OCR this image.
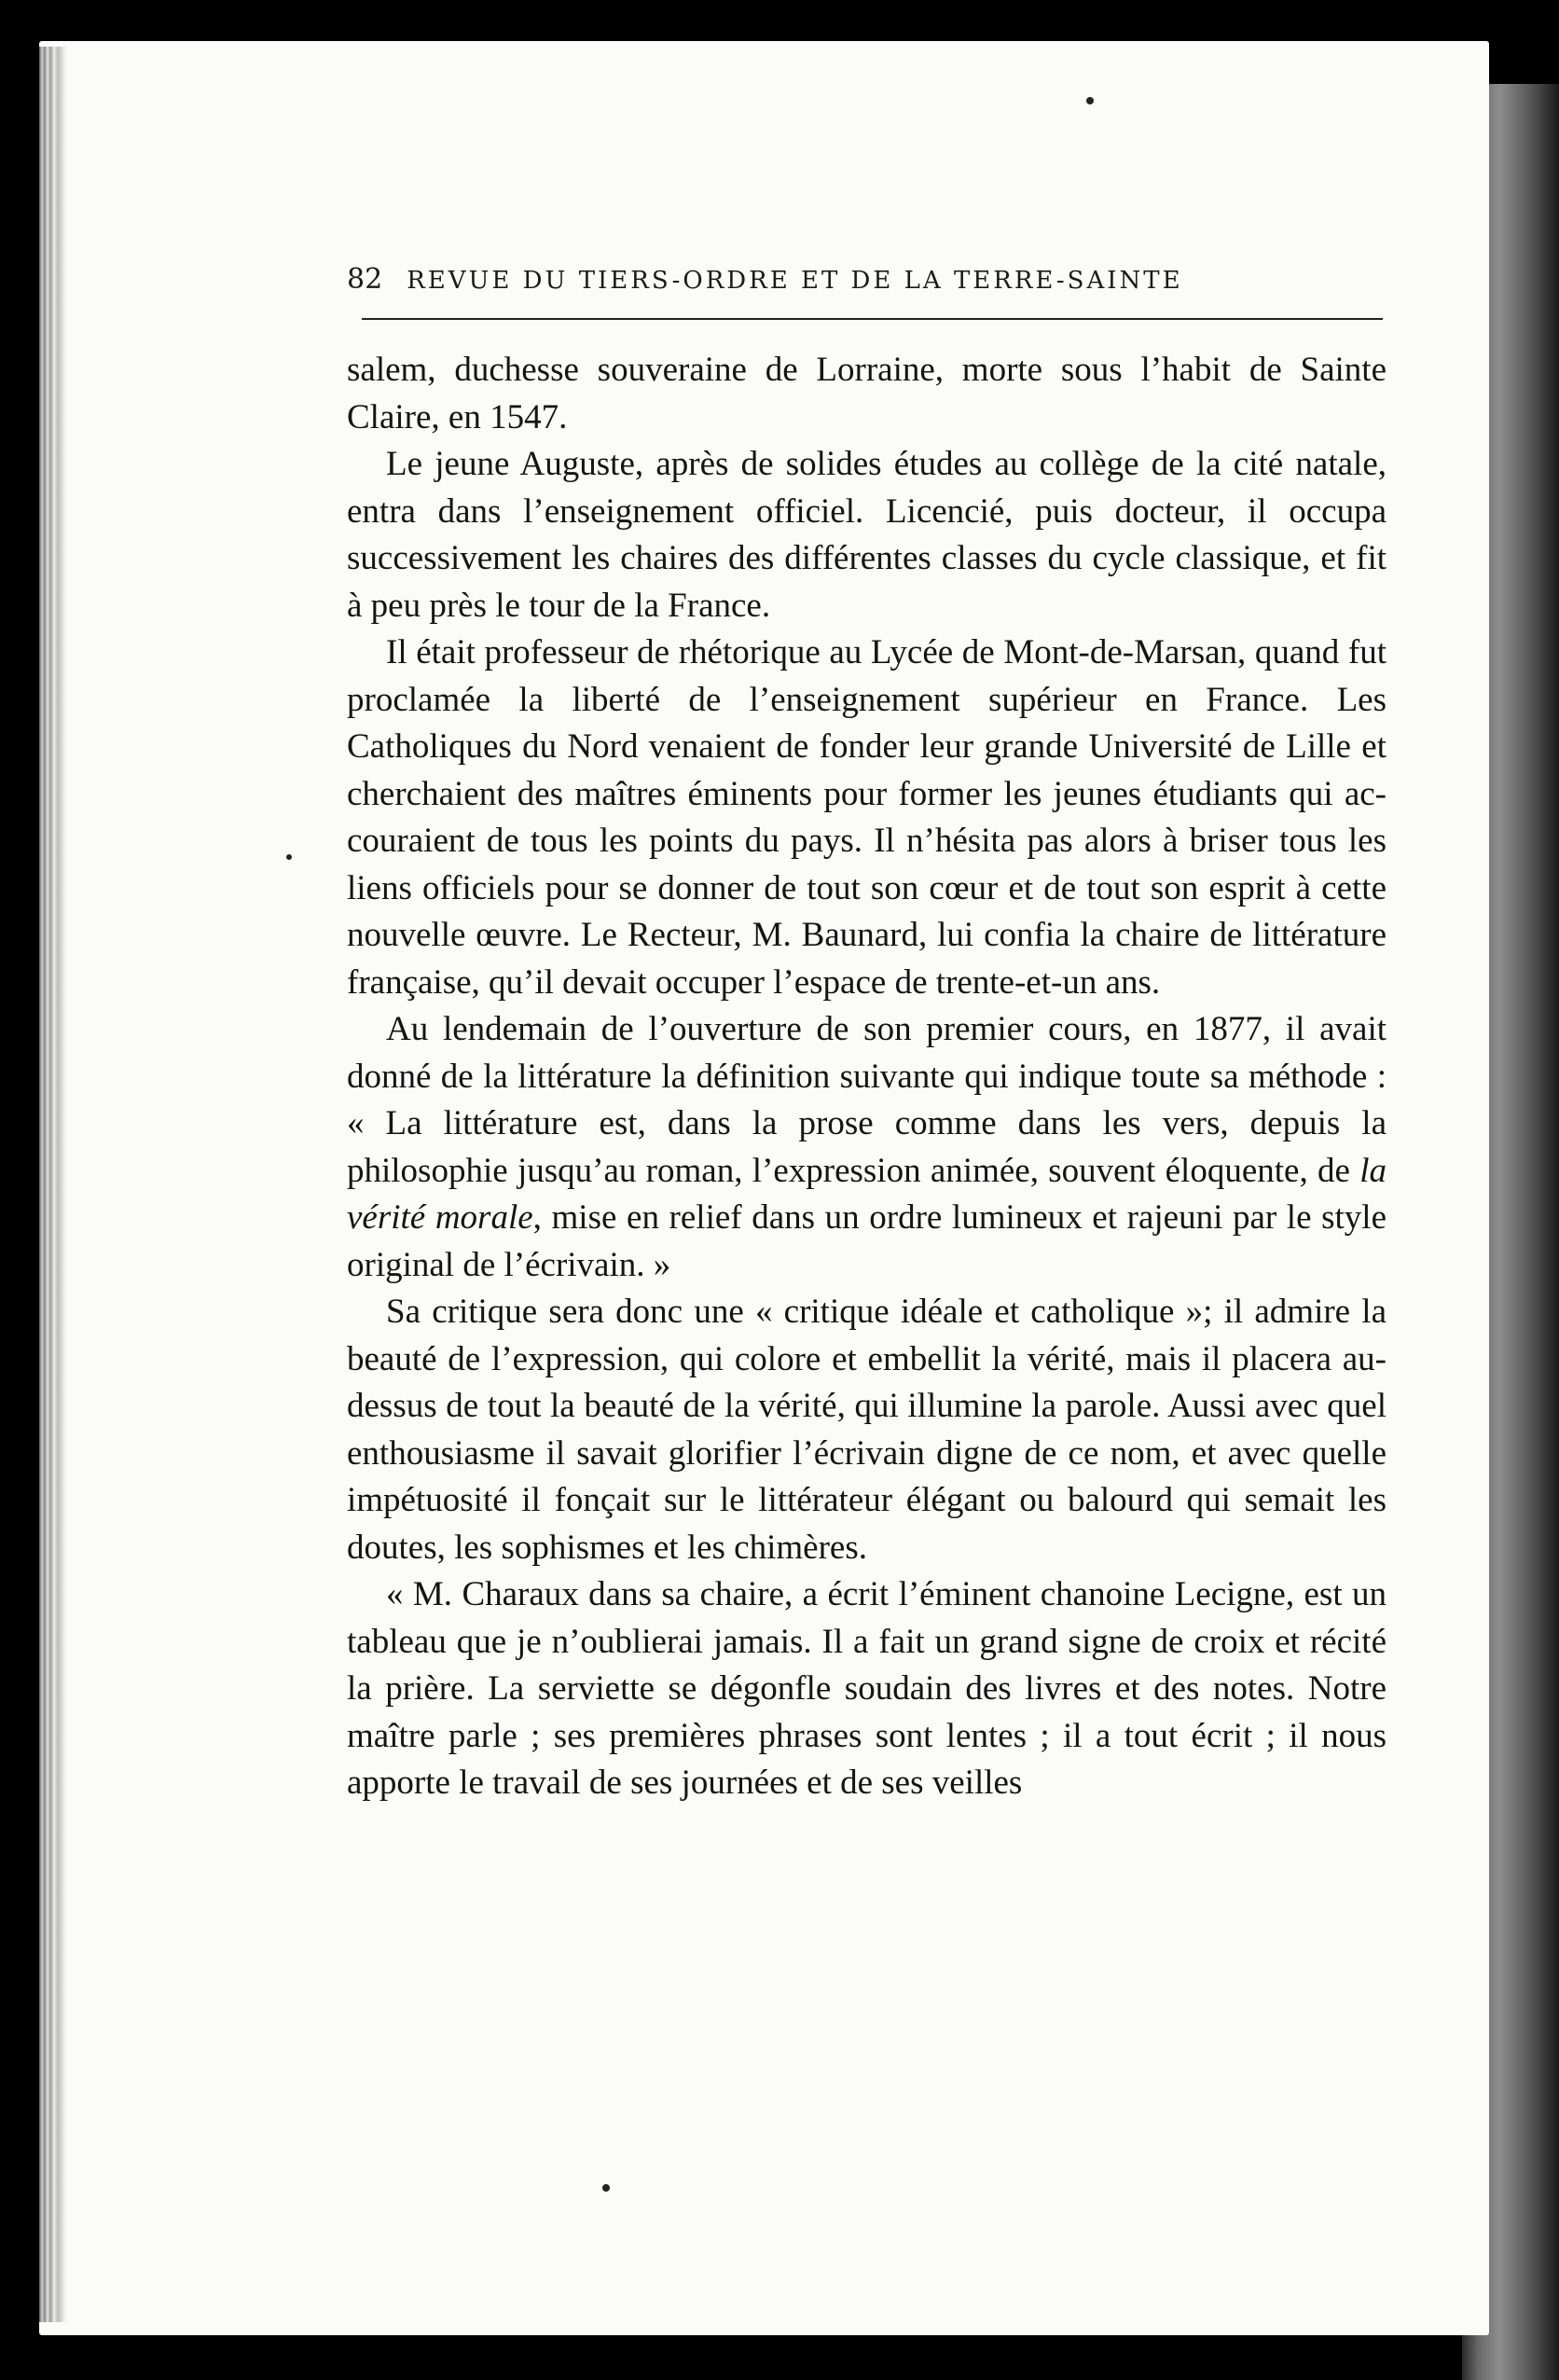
82 REVUE DU TIERS-ORDRE ET DE LA TERRE-SAINTE

salem, duchesse souveraine de Lorraine, morte sous l’habit de Sainte Claire, en 1547.

Le jeune Auguste, après de solides études au collège de la cité natale, entra dans l’enseignement officiel. Licencié, puis docteur, il occupa successivement les chaires des différentes classes du cycle classique, et fit à peu près le tour de la France.

Il était professeur de rhétorique au Lycée de Mont-de-Marsan, quand fut proclamée la liberté de l’enseignement supérieur en France. Les Catholiques du Nord venaient de fonder leur grande Université de Lille et cherchaient des maîtres éminents pour former les jeunes étudiants qui accouraient de tous les points du pays. Il n’hésita pas alors à briser tous les liens officiels pour se donner de tout son cœur et de tout son esprit à cette nouvelle œuvre. Le Recteur, M. Baunard, lui confia la chaire de littérature française, qu’il devait occuper l’espace de trente-et-un ans.

Au lendemain de l’ouverture de son premier cours, en 1877, il avait donné de la littérature la définition suivante qui indique toute sa méthode : « La littérature est, dans la prose comme dans les vers, depuis la philosophie jusqu’au roman, l’expression animée, souvent éloquente, de la vérité morale, mise en relief dans un ordre lumineux et rajeuni par le style original de l’écrivain. »

Sa critique sera donc une « critique idéale et catholique »; il admire la beauté de l’expression, qui colore et embellit la vérité, mais il placera au-dessus de tout la beauté de la vérité, qui illumine la parole. Aussi avec quel enthousiasme il savait glorifier l’écrivain digne de ce nom, et avec quelle impétuosité il fonçait sur le littérateur élégant ou balourd qui semait les doutes, les sophismes et les chimères.

« M. Charaux dans sa chaire, a écrit l’éminent chanoine Lecigne, est un tableau que je n’oublierai jamais. Il a fait un grand signe de croix et récité la prière. La serviette se dégonfle soudain des livres et des notes. Notre maître parle ; ses premières phrases sont lentes ; il a tout écrit ; il nous apporte le travail de ses journées et de ses veilles
